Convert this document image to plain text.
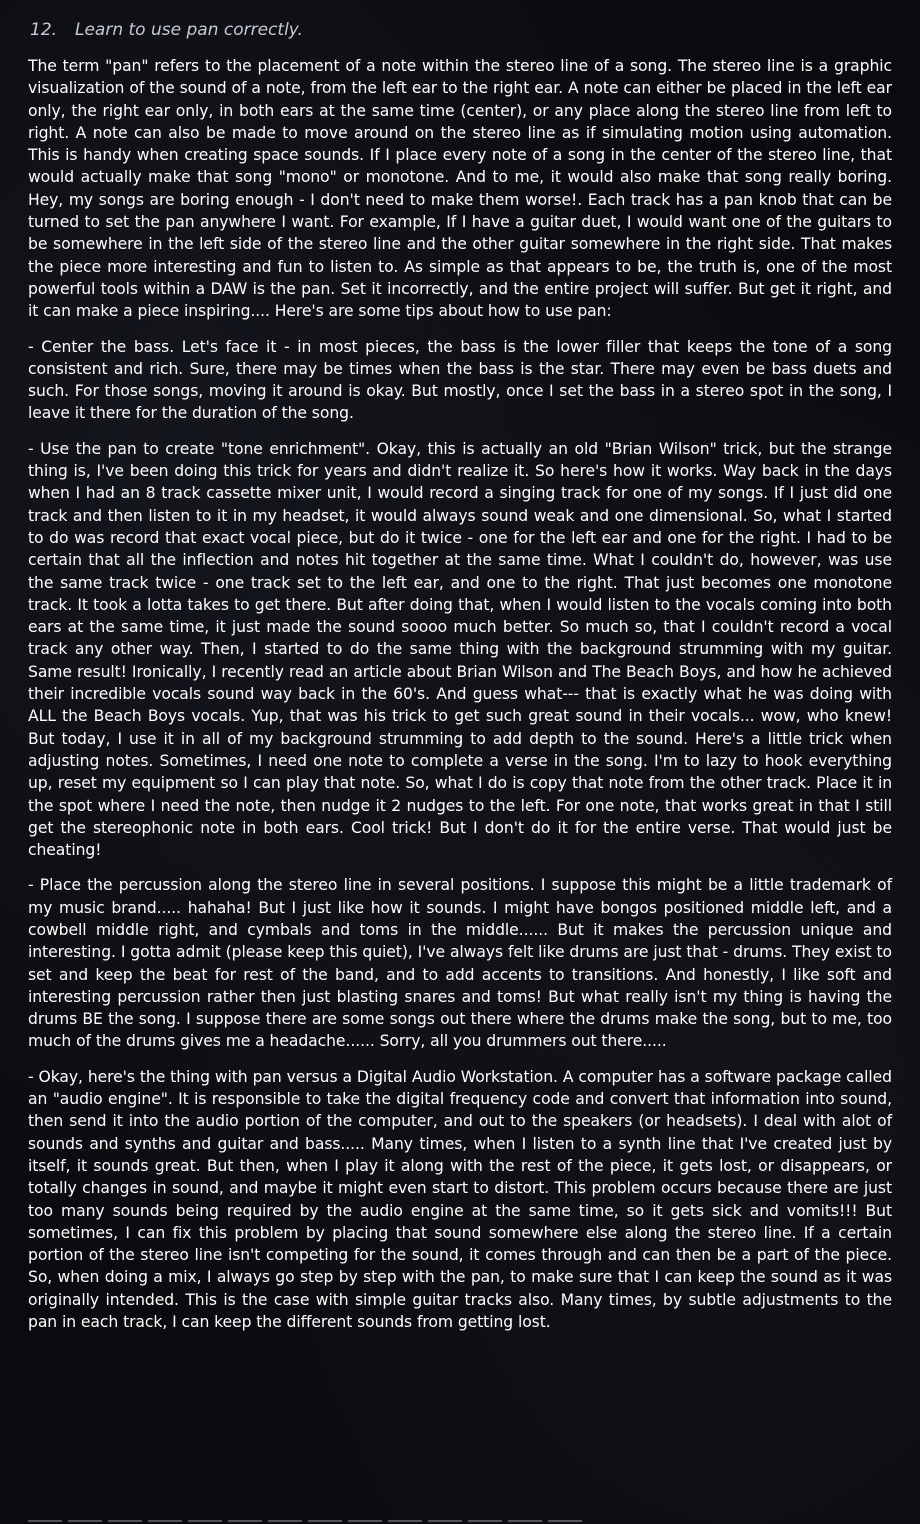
12. Learn to use pan correctly.

The term "pan" refers to the placement of a note within the stereo line of a song. The stereo line is a graphic visualization of the sound of a note, from the left ear to the right ear. A note can either be placed in the left ear only, the right ear only, in both ears at the same time (center), or any place along the stereo line from left to right. A note can also be made to move around on the stereo line as if simulating motion using automation. This is handy when creating space sounds. If I place every note of a song in the center of the stereo line, that would actually make that song "mono" or monotone. And to me, it would also make that song really boring. Hey, my songs are boring enough - I don't need to make them worse!. Each track has a pan knob that can be turned to set the pan anywhere I want. For example, If I have a guitar duet, I would want one of the guitars to be somewhere in the left side of the stereo line and the other guitar somewhere in the right side. That makes the piece more interesting and fun to listen to. As simple as that appears to be, the truth is, one of the most powerful tools within a DAW is the pan. Set it incorrectly, and the entire project will suffer. But get it right, and it can make a piece inspiring.... Here's are some tips about how to use pan:

- Center the bass. Let's face it - in most pieces, the bass is the lower filler that keeps the tone of a song consistent and rich. Sure, there may be times when the bass is the star. There may even be bass duets and such. For those songs, moving it around is okay. But mostly, once I set the bass in a stereo spot in the song, I leave it there for the duration of the song.

- Use the pan to create "tone enrichment". Okay, this is actually an old "Brian Wilson" trick, but the strange thing is, I've been doing this trick for years and didn't realize it. So here's how it works. Way back in the days when I had an 8 track cassette mixer unit, I would record a singing track for one of my songs. If I just did one track and then listen to it in my headset, it would always sound weak and one dimensional. So, what I started to do was record that exact vocal piece, but do it twice - one for the left ear and one for the right. I had to be certain that all the inflection and notes hit together at the same time. What I couldn't do, however, was use the same track twice - one track set to the left ear, and one to the right. That just becomes one monotone track. It took a lotta takes to get there. But after doing that, when I would listen to the vocals coming into both ears at the same time, it just made the sound soooo much better. So much so, that I couldn't record a vocal track any other way. Then, I started to do the same thing with the background strumming with my guitar. Same result! Ironically, I recently read an article about Brian Wilson and The Beach Boys, and how he achieved their incredible vocals sound way back in the 60's. And guess what--- that is exactly what he was doing with ALL the Beach Boys vocals. Yup, that was his trick to get such great sound in their vocals... wow, who knew! But today, I use it in all of my background strumming to add depth to the sound. Here's a little trick when adjusting notes. Sometimes, I need one note to complete a verse in the song. I'm to lazy to hook everything up, reset my equipment so I can play that note. So, what I do is copy that note from the other track. Place it in the spot where I need the note, then nudge it 2 nudges to the left. For one note, that works great in that I still get the stereophonic note in both ears. Cool trick! But I don't do it for the entire verse. That would just be cheating!

- Place the percussion along the stereo line in several positions. I suppose this might be a little trademark of my music brand..... hahaha! But I just like how it sounds. I might have bongos positioned middle left, and a cowbell middle right, and cymbals and toms in the middle...... But it makes the percussion unique and interesting. I gotta admit (please keep this quiet), I've always felt like drums are just that - drums. They exist to set and keep the beat for rest of the band, and to add accents to transitions. And honestly, I like soft and interesting percussion rather then just blasting snares and toms! But what really isn't my thing is having the drums BE the song. I suppose there are some songs out there where the drums make the song, but to me, too much of the drums gives me a headache...... Sorry, all you drummers out there.....

- Okay, here's the thing with pan versus a Digital Audio Workstation. A computer has a software package called an "audio engine". It is responsible to take the digital frequency code and convert that information into sound, then send it into the audio portion of the computer, and out to the speakers (or headsets). I deal with alot of sounds and synths and guitar and bass..... Many times, when I listen to a synth line that I've created just by itself, it sounds great. But then, when I play it along with the rest of the piece, it gets lost, or disappears, or totally changes in sound, and maybe it might even start to distort. This problem occurs because there are just too many sounds being required by the audio engine at the same time, so it gets sick and vomits!!! But sometimes, I can fix this problem by placing that sound somewhere else along the stereo line. If a certain portion of the stereo line isn't competing for the sound, it comes through and can then be a part of the piece. So, when doing a mix, I always go step by step with the pan, to make sure that I can keep the sound as it was originally intended. This is the case with simple guitar tracks also. Many times, by subtle adjustments to the pan in each track, I can keep the different sounds from getting lost.
